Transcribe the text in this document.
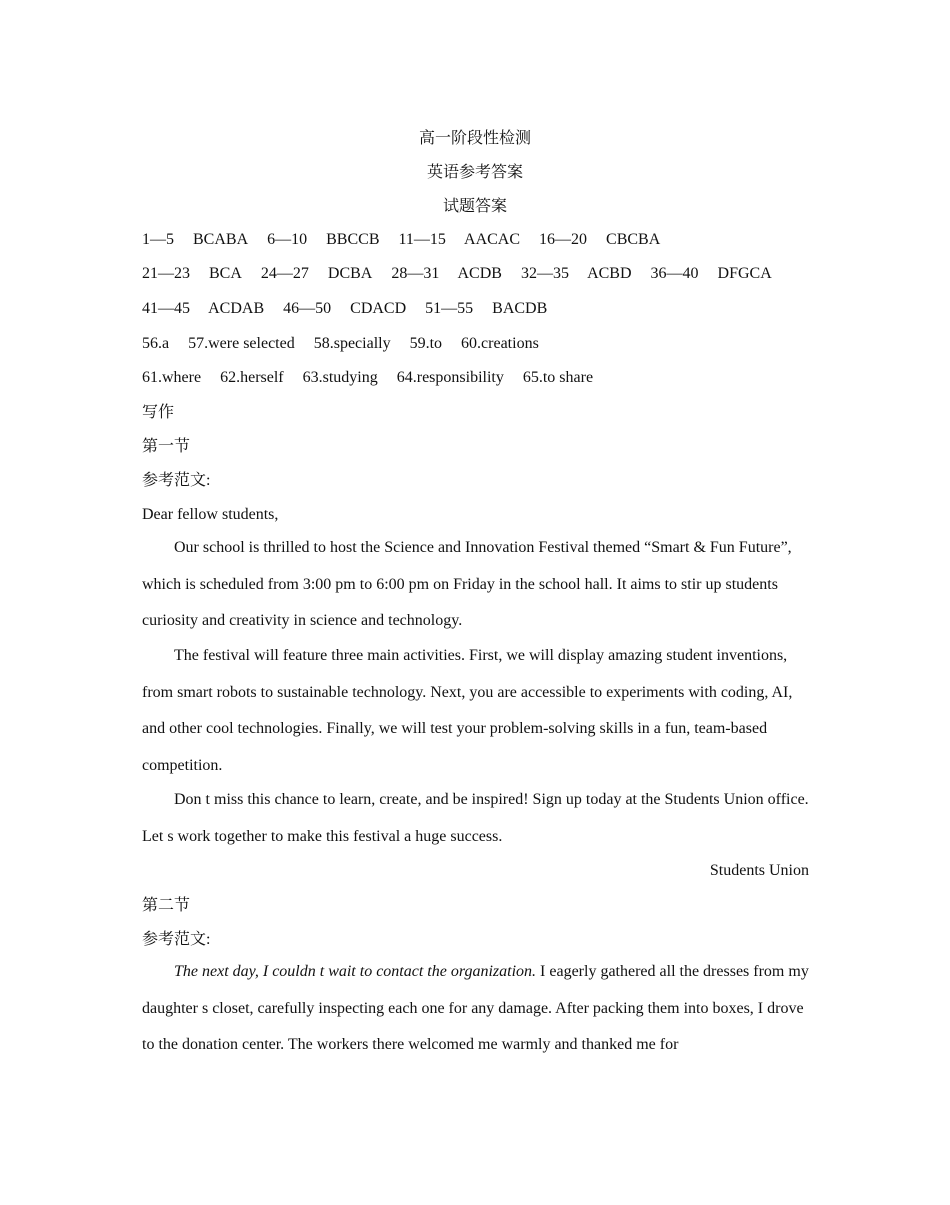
高一阶段性检测
英语参考答案
试题答案
1—5 BCABA 6—10 BBCCB 11—15 AACAC 16—20 CBCBA
21—23 BCA 24—27 DCBA 28—31 ACDB 32—35 ACBD 36—40 DFGCA
41—45 ACDAB 46—50 CDACD 51—55 BACDB
56.a 57.were selected 58.specially 59.to 60.creations
61.where 62.herself 63.studying 64.responsibility 65.to share
写作
第一节
参考范文:
Dear fellow students,
Our school is thrilled to host the Science and Innovation Festival themed “Smart & Fun Future”, which is scheduled from 3:00 pm to 6:00 pm on Friday in the school hall. It aims to stir up students curiosity and creativity in science and technology.
The festival will feature three main activities. First, we will display amazing student inventions, from smart robots to sustainable technology. Next, you are accessible to experiments with coding, AI, and other cool technologies. Finally, we will test your problem-solving skills in a fun, team-based competition.
Don t miss this chance to learn, create, and be inspired! Sign up today at the Students Union office. Let s work together to make this festival a huge success.
Students Union
第二节
参考范文:
The next day, I couldn t wait to contact the organization. I eagerly gathered all the dresses from my daughter s closet, carefully inspecting each one for any damage. After packing them into boxes, I drove to the donation center. The workers there welcomed me warmly and thanked me for
